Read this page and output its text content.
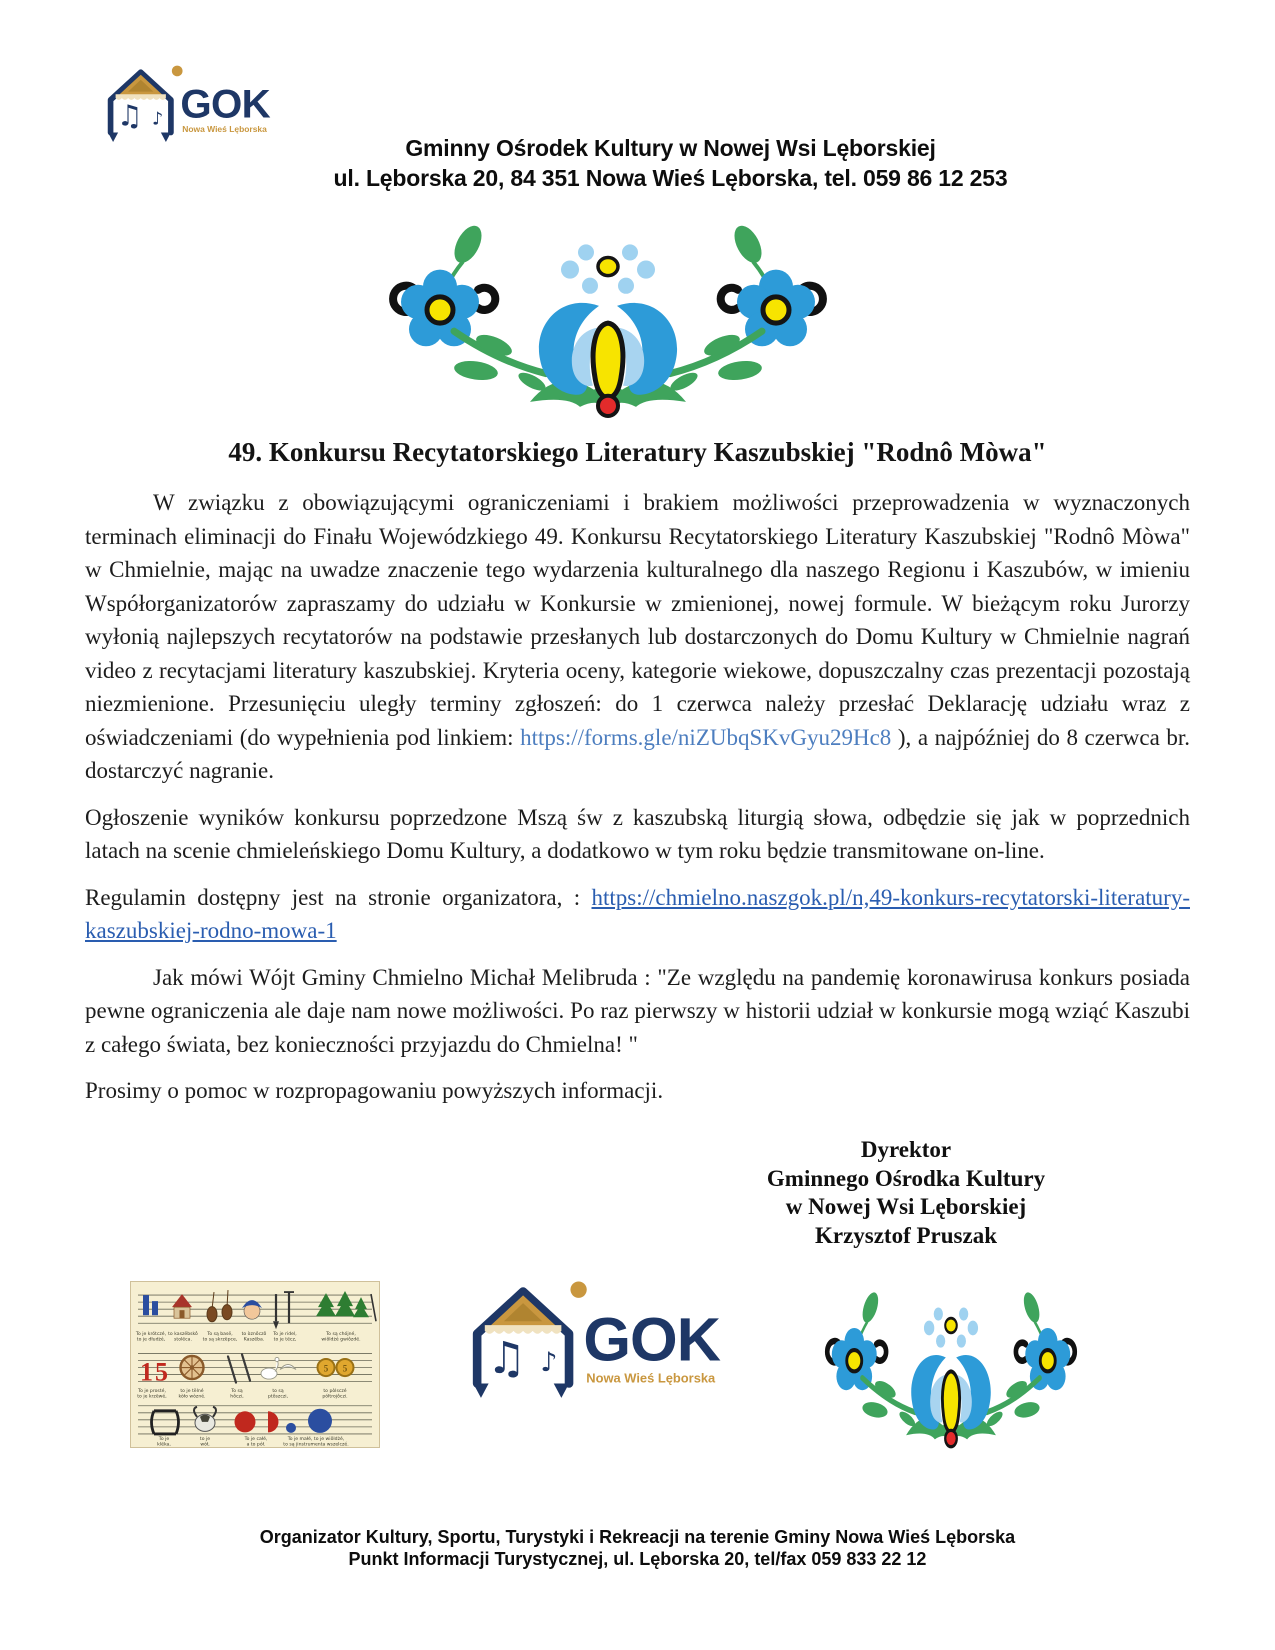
Gminny Ośrodek Kultury w Nowej Wsi Lęborskiej
ul. Lęborska 20, 84 351 Nowa Wieś Lęborska, tel. 059 86 12 253
49. Konkursu Recytatorskiego Literatury Kaszubskiej "Rodnô Mòwa"

W związku z obowiązującymi ograniczeniami i brakiem możliwości przeprowadzenia w wyznaczonych terminach eliminacji do Finału Wojewódzkiego 49. Konkursu Recytatorskiego Literatury Kaszubskiej "Rodnô Mòwa" w Chmielnie, mając na uwadze znaczenie tego wydarzenia kulturalnego dla naszego Regionu i Kaszubów, w imieniu Współorganizatorów zapraszamy do udziału w Konkursie w zmienionej, nowej formule. W bieżącym roku Jurorzy wyłonią najlepszych recytatorów na podstawie przesłanych lub dostarczonych do Domu Kultury w Chmielnie nagrań video z recytacjami literatury kaszubskiej. Kryteria oceny, kategorie wiekowe, dopuszczalny czas prezentacji pozostają niezmienione. Przesunięciu uległy terminy zgłoszeń: do 1 czerwca należy przesłać Deklarację udziału wraz z oświadczeniami (do wypełnienia pod linkiem: https://forms.gle/niZUbqSKvGyu29Hc8 ), a najpóźniej do 8 czerwca br. dostarczyć nagranie.

Ogłoszenie wyników konkursu poprzedzone Mszą św z kaszubską liturgią słowa, odbędzie się jak w poprzednich latach na scenie chmieleńskiego Domu Kultury, a dodatkowo w tym roku będzie transmitowane on-line.

Regulamin dostępny jest na stronie organizatora, : https://chmielno.naszgok.pl/n,49-konkurs-recytatorski-literatury-kaszubskiej-rodno-mowa-1

Jak mówi Wójt Gminy Chmielno Michał Melibruda : "Ze względu na pandemię koronawirusa konkurs posiada pewne ograniczenia ale daje nam nowe możliwości. Po raz pierwszy w historii udział w konkursie mogą wziąć Kaszubi z całego świata, bez konieczności przyjazdu do Chmielna! "

Prosimy o pomoc w rozpropagowaniu powyższych informacji.

Dyrektor
Gminnego Ośrodka Kultury
w Nowej Wsi Lęborskiej
Krzysztof Pruszak
Organizator Kultury, Sportu, Turystyki i Rekreacji na terenie Gminy Nowa Wieś Lęborska
Punkt Informacji Turystycznej, ul. Lęborska 20, tel/fax 059 833 22 12
